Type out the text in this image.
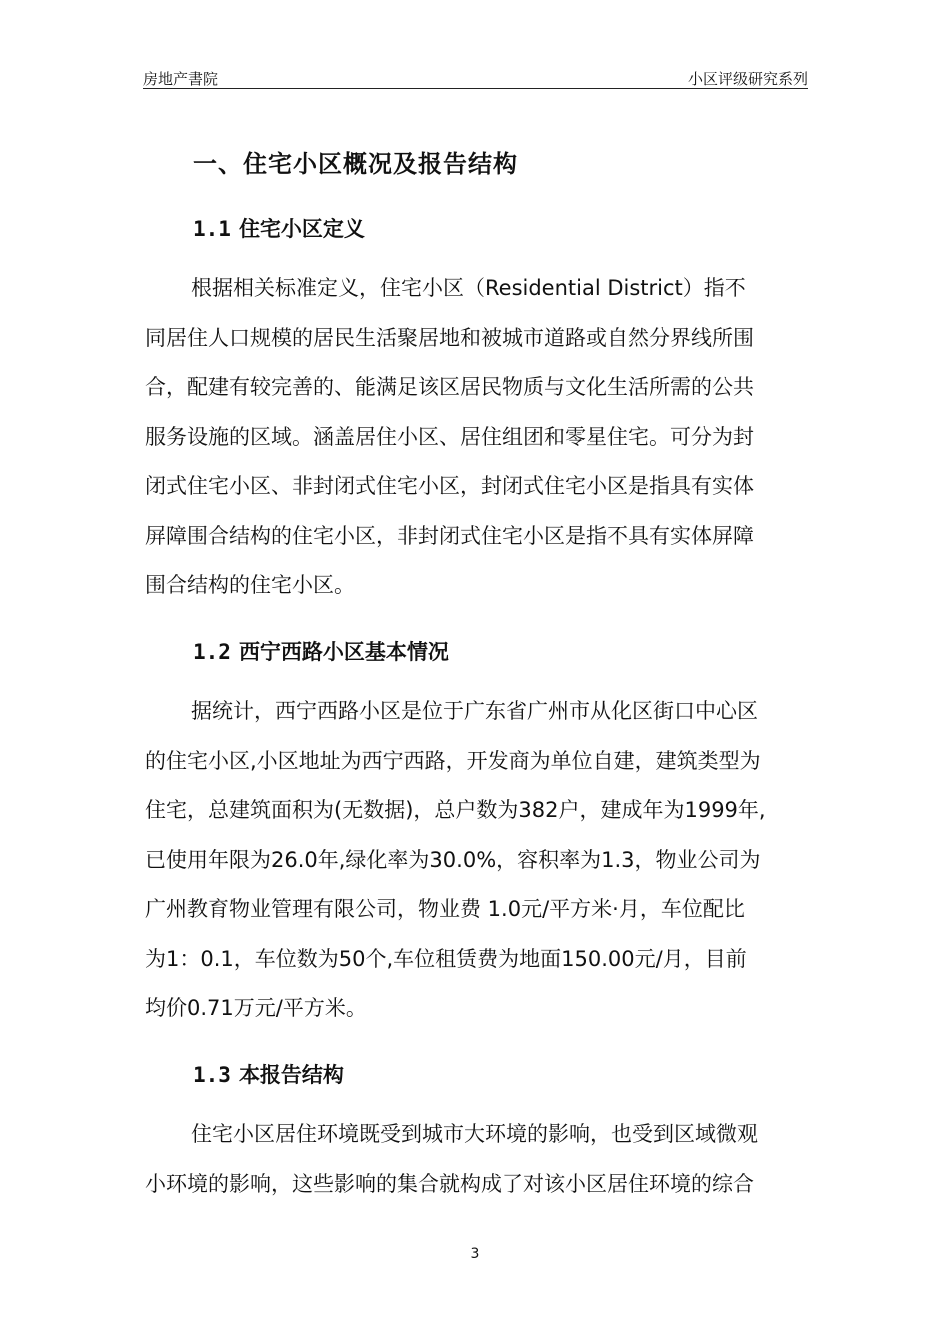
房地产書院	小区评级研究系列
一、住宅小区概况及报告结构
1.1 住宅小区定义
根据相关标准定义，住宅小区（Residential District）指不
同居住人口规模的居民生活聚居地和被城市道路或自然分界线所围
合，配建有较完善的、能满足该区居民物质与文化生活所需的公共
服务设施的区域。涵盖居住小区、居住组团和零星住宅。可分为封
闭式住宅小区、非封闭式住宅小区，封闭式住宅小区是指具有实体
屏障围合结构的住宅小区，非封闭式住宅小区是指不具有实体屏障
围合结构的住宅小区。
1.2 西宁西路小区基本情况
据统计，西宁西路小区是位于广东省广州市从化区街口中心区
的住宅小区,小区地址为西宁西路，开发商为单位自建，建筑类型为
住宅，总建筑面积为(无数据)，总户数为382户，建成年为1999年,
已使用年限为26.0年,绿化率为30.0%，容积率为1.3，物业公司为
广州教育物业管理有限公司，物业费 1.0元/平方米·月，车位配比
为1：0.1，车位数为50个,车位租赁费为地面150.00元/月，目前
均价0.71万元/平方米。
1.3 本报告结构
住宅小区居住环境既受到城市大环境的影响，也受到区域微观
小环境的影响，这些影响的集合就构成了对该小区居住环境的综合
3
